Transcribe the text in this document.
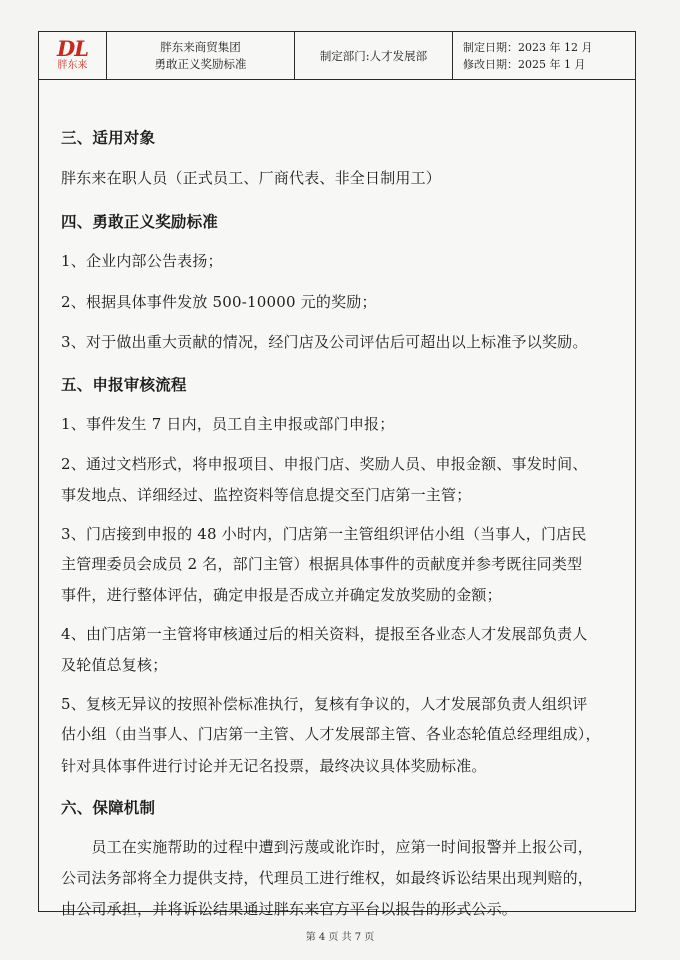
DL
胖东来
胖东来商贸集团
勇敢正义奖励标准
制定部门:人才发展部
制定日期：2023 年 12 月
修改日期：2025 年 1 月
三、适用对象
胖东来在职人员（正式员工、厂商代表、非全日制用工）
四、勇敢正义奖励标准
1、企业内部公告表扬；
2、根据具体事件发放 500-10000 元的奖励；
3、对于做出重大贡献的情况，经门店及公司评估后可超出以上标准予以奖励。
五、申报审核流程
1、事件发生 7 日内，员工自主申报或部门申报；
2、通过文档形式，将申报项目、申报门店、奖励人员、申报金额、事发时间、
事发地点、详细经过、监控资料等信息提交至门店第一主管；
3、门店接到申报的 48 小时内，门店第一主管组织评估小组（当事人，门店民
主管理委员会成员 2 名，部门主管）根据具体事件的贡献度并参考既往同类型
事件，进行整体评估，确定申报是否成立并确定发放奖励的金额；
4、由门店第一主管将审核通过后的相关资料，提报至各业态人才发展部负责人
及轮值总复核；
5、复核无异议的按照补偿标准执行，复核有争议的，人才发展部负责人组织评
估小组（由当事人、门店第一主管、人才发展部主管、各业态轮值总经理组成），
针对具体事件进行讨论并无记名投票，最终决议具体奖励标准。
六、保障机制
　　员工在实施帮助的过程中遭到污蔑或讹诈时，应第一时间报警并上报公司，
公司法务部将全力提供支持，代理员工进行维权，如最终诉讼结果出现判赔的，
由公司承担，并将诉讼结果通过胖东来官方平台以报告的形式公示。
第 4 页 共 7 页
